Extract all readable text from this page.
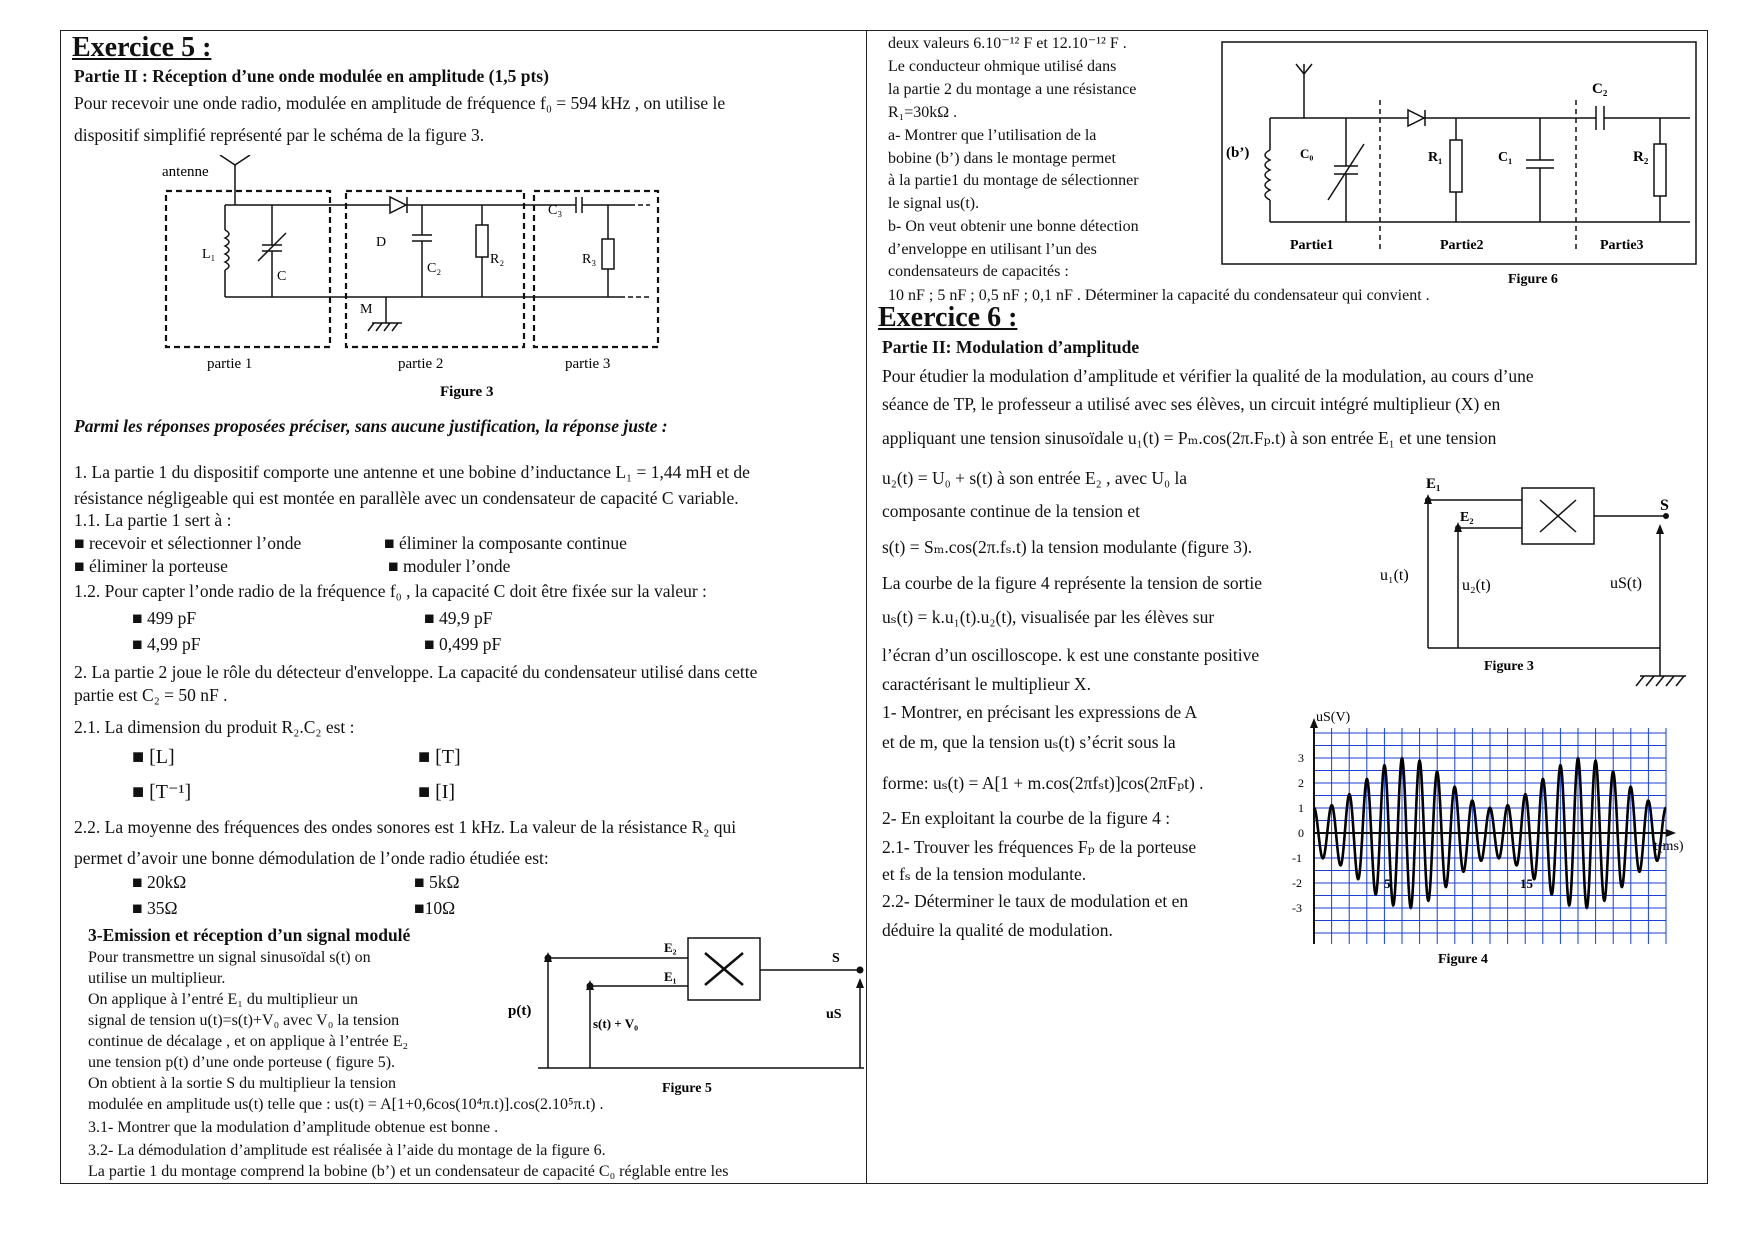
Exercice 5 :
Partie II : Réception d’une onde modulée en amplitude (1,5 pts)
Pour recevoir une onde radio, modulée en amplitude de fréquence f₀ = 594 kHz , on utilise le
dispositif simplifié représenté par le schéma de la figure 3.
antenne
L₁
C
D
C₂
R₂
C₃
R₃
M
partie 1	partie 2	partie 3
Figure 3
Parmi les réponses proposées préciser, sans aucune justification, la réponse juste :
1. La partie 1 du dispositif comporte une antenne et une bobine d’inductance L₁ = 1,44 mH et de
résistance négligeable qui est montée en parallèle avec un condensateur de capacité C variable.
1.1. La partie 1 sert à :
■ recevoir et sélectionner l’onde	■ éliminer la composante continue
■ éliminer la porteuse	■ moduler l’onde
1.2. Pour capter l’onde radio de la fréquence f₀ , la capacité C doit être fixée sur la valeur :
■ 499 pF	■ 49,9 pF
■ 4,99 pF	■ 0,499 pF
2. La partie 2 joue le rôle du détecteur d'enveloppe. La capacité du condensateur utilisé dans cette
partie est C₂ = 50 nF .
2.1. La dimension du produit R₂.C₂ est :
■ [L]	■ [T]
■ [T⁻¹]	■ [I]
2.2. La moyenne des fréquences des ondes sonores est 1 kHz. La valeur de la résistance R₂ qui
permet d’avoir une bonne démodulation de l’onde radio étudiée est:
■ 20kΩ	■ 5kΩ
■ 35Ω	■10Ω
3-Emission et réception d’un signal modulé
Pour transmettre un signal sinusoïdal s(t) on
utilise un multiplieur.
On applique à l’entré E₁ du multiplieur un
signal de tension u(t)=s(t)+V₀ avec V₀ la tension
continue de décalage , et on applique à l’entrée E₂
une tension p(t) d’une onde porteuse ( figure 5).
On obtient à la sortie S du multiplieur la tension
modulée en amplitude us(t) telle que : us(t) = A[1+0,6cos(10⁴π.t)].cos(2.10⁵π.t) .
3.1- Montrer que la modulation d’amplitude obtenue est bonne .
3.2- La démodulation d’amplitude est réalisée à l’aide du montage de la figure 6.
La partie 1 du montage comprend la bobine (b’) et un condensateur de capacité C₀ réglable entre les
E₂
E₁
S
p(t)
s(t) + V₀
uS
Figure 5
deux valeurs 6.10⁻¹² F et 12.10⁻¹² F .
Le conducteur ohmique utilisé dans
la partie 2 du montage a une résistance
R₁=30kΩ .
a- Montrer que l’utilisation de la
bobine (b’) dans le montage permet
à la partie1 du montage de sélectionner
le signal us(t).
b- On veut obtenir une bonne détection
d’enveloppe en utilisant l’un des
condensateurs de capacités :
10 nF ; 5 nF ; 0,5 nF ; 0,1 nF . Déterminer la capacité du condensateur qui convient .
(b’)	C₀	R₁	C₁	R₂
C₂
Partie1	Partie2	Partie3
Figure 6
Exercice 6 :
Partie II: Modulation d’amplitude
Pour étudier la modulation d’amplitude et vérifier la qualité de la modulation, au cours d’une
séance de TP, le professeur a utilisé avec ses élèves, un circuit intégré multiplieur (X) en
appliquant une tension sinusoïdale u₁(t) = Pₘ.cos(2π.Fₚ.t) à son entrée E₁ et une tension
u₂(t) = U₀ + s(t) à son entrée E₂ , avec U₀ la
composante continue de la tension et
s(t) = Sₘ.cos(2π.fₛ.t) la tension modulante (figure 3).
La courbe de la figure 4 représente la tension de sortie
uₛ(t) = k.u₁(t).u₂(t), visualisée par les élèves sur
l’écran d’un oscilloscope. k est une constante positive
caractérisant le multiplieur X.
1- Montrer, en précisant les expressions de A
et de m, que la tension uₛ(t) s’écrit sous la
forme: uₛ(t) = A[1 + m.cos(2πfₛt)]cos(2πFₚt) .
2- En exploitant la courbe de la figure 4 :
2.1- Trouver les fréquences Fₚ de la porteuse
et fₛ de la tension modulante.
2.2- Déterminer le taux de modulation et en
déduire la qualité de modulation.
E₁
E₂
S
u₁(t)
u₂(t)	uS(t)
Figure 3
uS(V)
t(ms)
-3
-2
-1
0
1
2
3
5	15
Figure 4
